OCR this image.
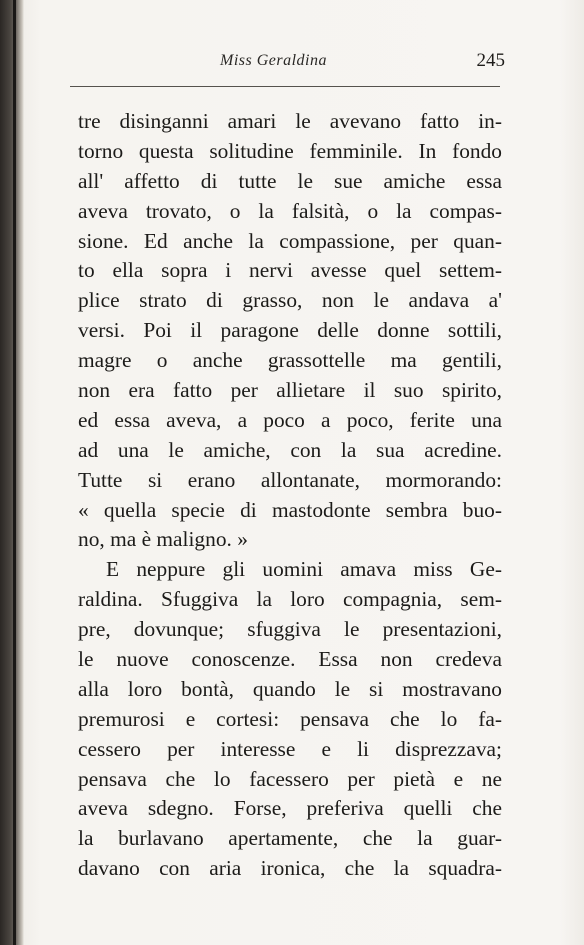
Miss Geraldina	245
tre disinganni amari le avevano fatto in-
torno questa solitudine femminile. In fondo
all' affetto di tutte le sue amiche essa
aveva trovato, o la falsità, o la compas-
sione. Ed anche la compassione, per quan-
to ella sopra i nervi avesse quel settem-
plice strato di grasso, non le andava a'
versi. Poi il paragone delle donne sottili,
magre o anche grassottelle ma gentili,
non era fatto per allietare il suo spirito,
ed essa aveva, a poco a poco, ferite una
ad una le amiche, con la sua acredine.
Tutte si erano allontanate, mormorando:
« quella specie di mastodonte sembra buo-
no, ma è maligno. »
E neppure gli uomini amava miss Ge-
raldina. Sfuggiva la loro compagnia, sem-
pre, dovunque; sfuggiva le presentazioni,
le nuove conoscenze. Essa non credeva
alla loro bontà, quando le si mostravano
premurosi e cortesi: pensava che lo fa-
cessero per interesse e li disprezzava;
pensava che lo facessero per pietà e ne
aveva sdegno. Forse, preferiva quelli che
la burlavano apertamente, che la guar-
davano con aria ironica, che la squadra-
